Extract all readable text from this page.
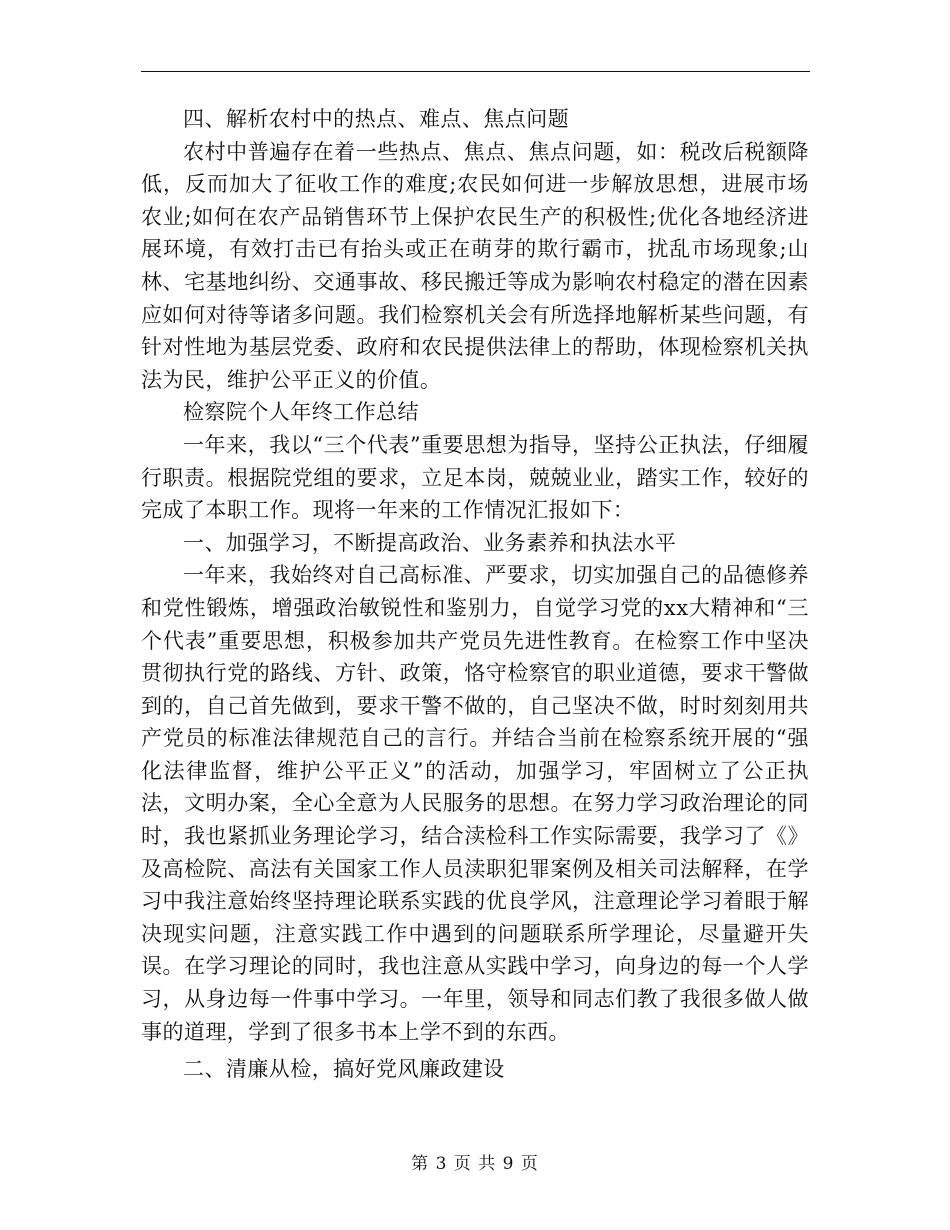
四、解析农村中的热点、难点、焦点问题

农村中普遍存在着一些热点、焦点、焦点问题，如：税改后税额降低，反而加大了征收工作的难度;农民如何进一步解放思想，进展市场农业;如何在农产品销售环节上保护农民生产的积极性;优化各地经济进展环境，有效打击已有抬头或正在萌芽的欺行霸市，扰乱市场现象;山林、宅基地纠纷、交通事故、移民搬迁等成为影响农村稳定的潜在因素应如何对待等诸多问题。我们检察机关会有所选择地解析某些问题，有针对性地为基层党委、政府和农民提供法律上的帮助，体现检察机关执法为民，维护公平正义的价值。

检察院个人年终工作总结

一年来，我以“三个代表”重要思想为指导，坚持公正执法，仔细履行职责。根据院党组的要求，立足本岗，兢兢业业，踏实工作，较好的完成了本职工作。现将一年来的工作情况汇报如下：

一、加强学习，不断提高政治、业务素养和执法水平

一年来，我始终对自己高标准、严要求，切实加强自己的品德修养和党性锻炼，增强政治敏锐性和鉴别力，自觉学习党的xx大精神和“三个代表”重要思想，积极参加共产党员先进性教育。在检察工作中坚决贯彻执行党的路线、方针、政策，恪守检察官的职业道德，要求干警做到的，自己首先做到，要求干警不做的，自己坚决不做，时时刻刻用共产党员的标准法律规范自己的言行。并结合当前在检察系统开展的“强化法律监督，维护公平正义”的活动，加强学习，牢固树立了公正执法，文明办案，全心全意为人民服务的思想。在努力学习政治理论的同时，我也紧抓业务理论学习，结合渎检科工作实际需要，我学习了《》及高检院、高法有关国家工作人员渎职犯罪案例及相关司法解释，在学习中我注意始终坚持理论联系实践的优良学风，注意理论学习着眼于解决现实问题，注意实践工作中遇到的问题联系所学理论，尽量避开失误。在学习理论的同时，我也注意从实践中学习，向身边的每一个人学习，从身边每一件事中学习。一年里，领导和同志们教了我很多做人做事的道理，学到了很多书本上学不到的东西。

二、清廉从检，搞好党风廉政建设

第 3 页 共 9 页
